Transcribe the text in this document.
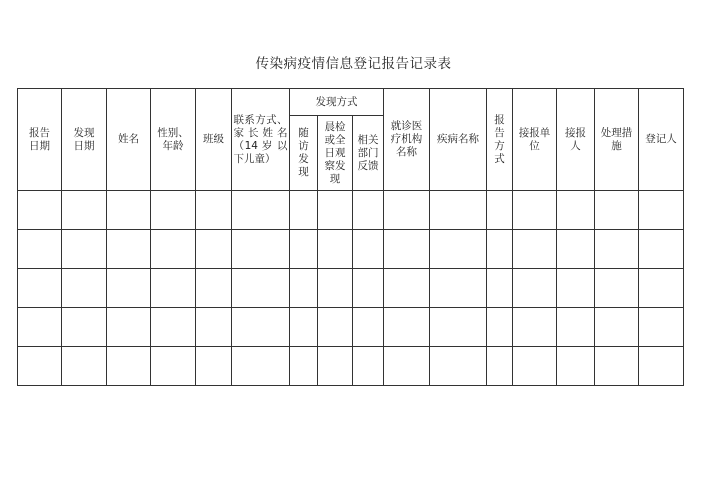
传染病疫情信息登记报告记录表
报告日期	发现日期	姓名	性别、年龄	班级	联系方式、家长姓名（14 岁 以下儿童）	发现方式			就诊医疗机构名称	疾病名称	报告方式	接报单位	接报人	处理措施	登记人
						随访发现	晨检或全日观察发现	相关部门反馈							
